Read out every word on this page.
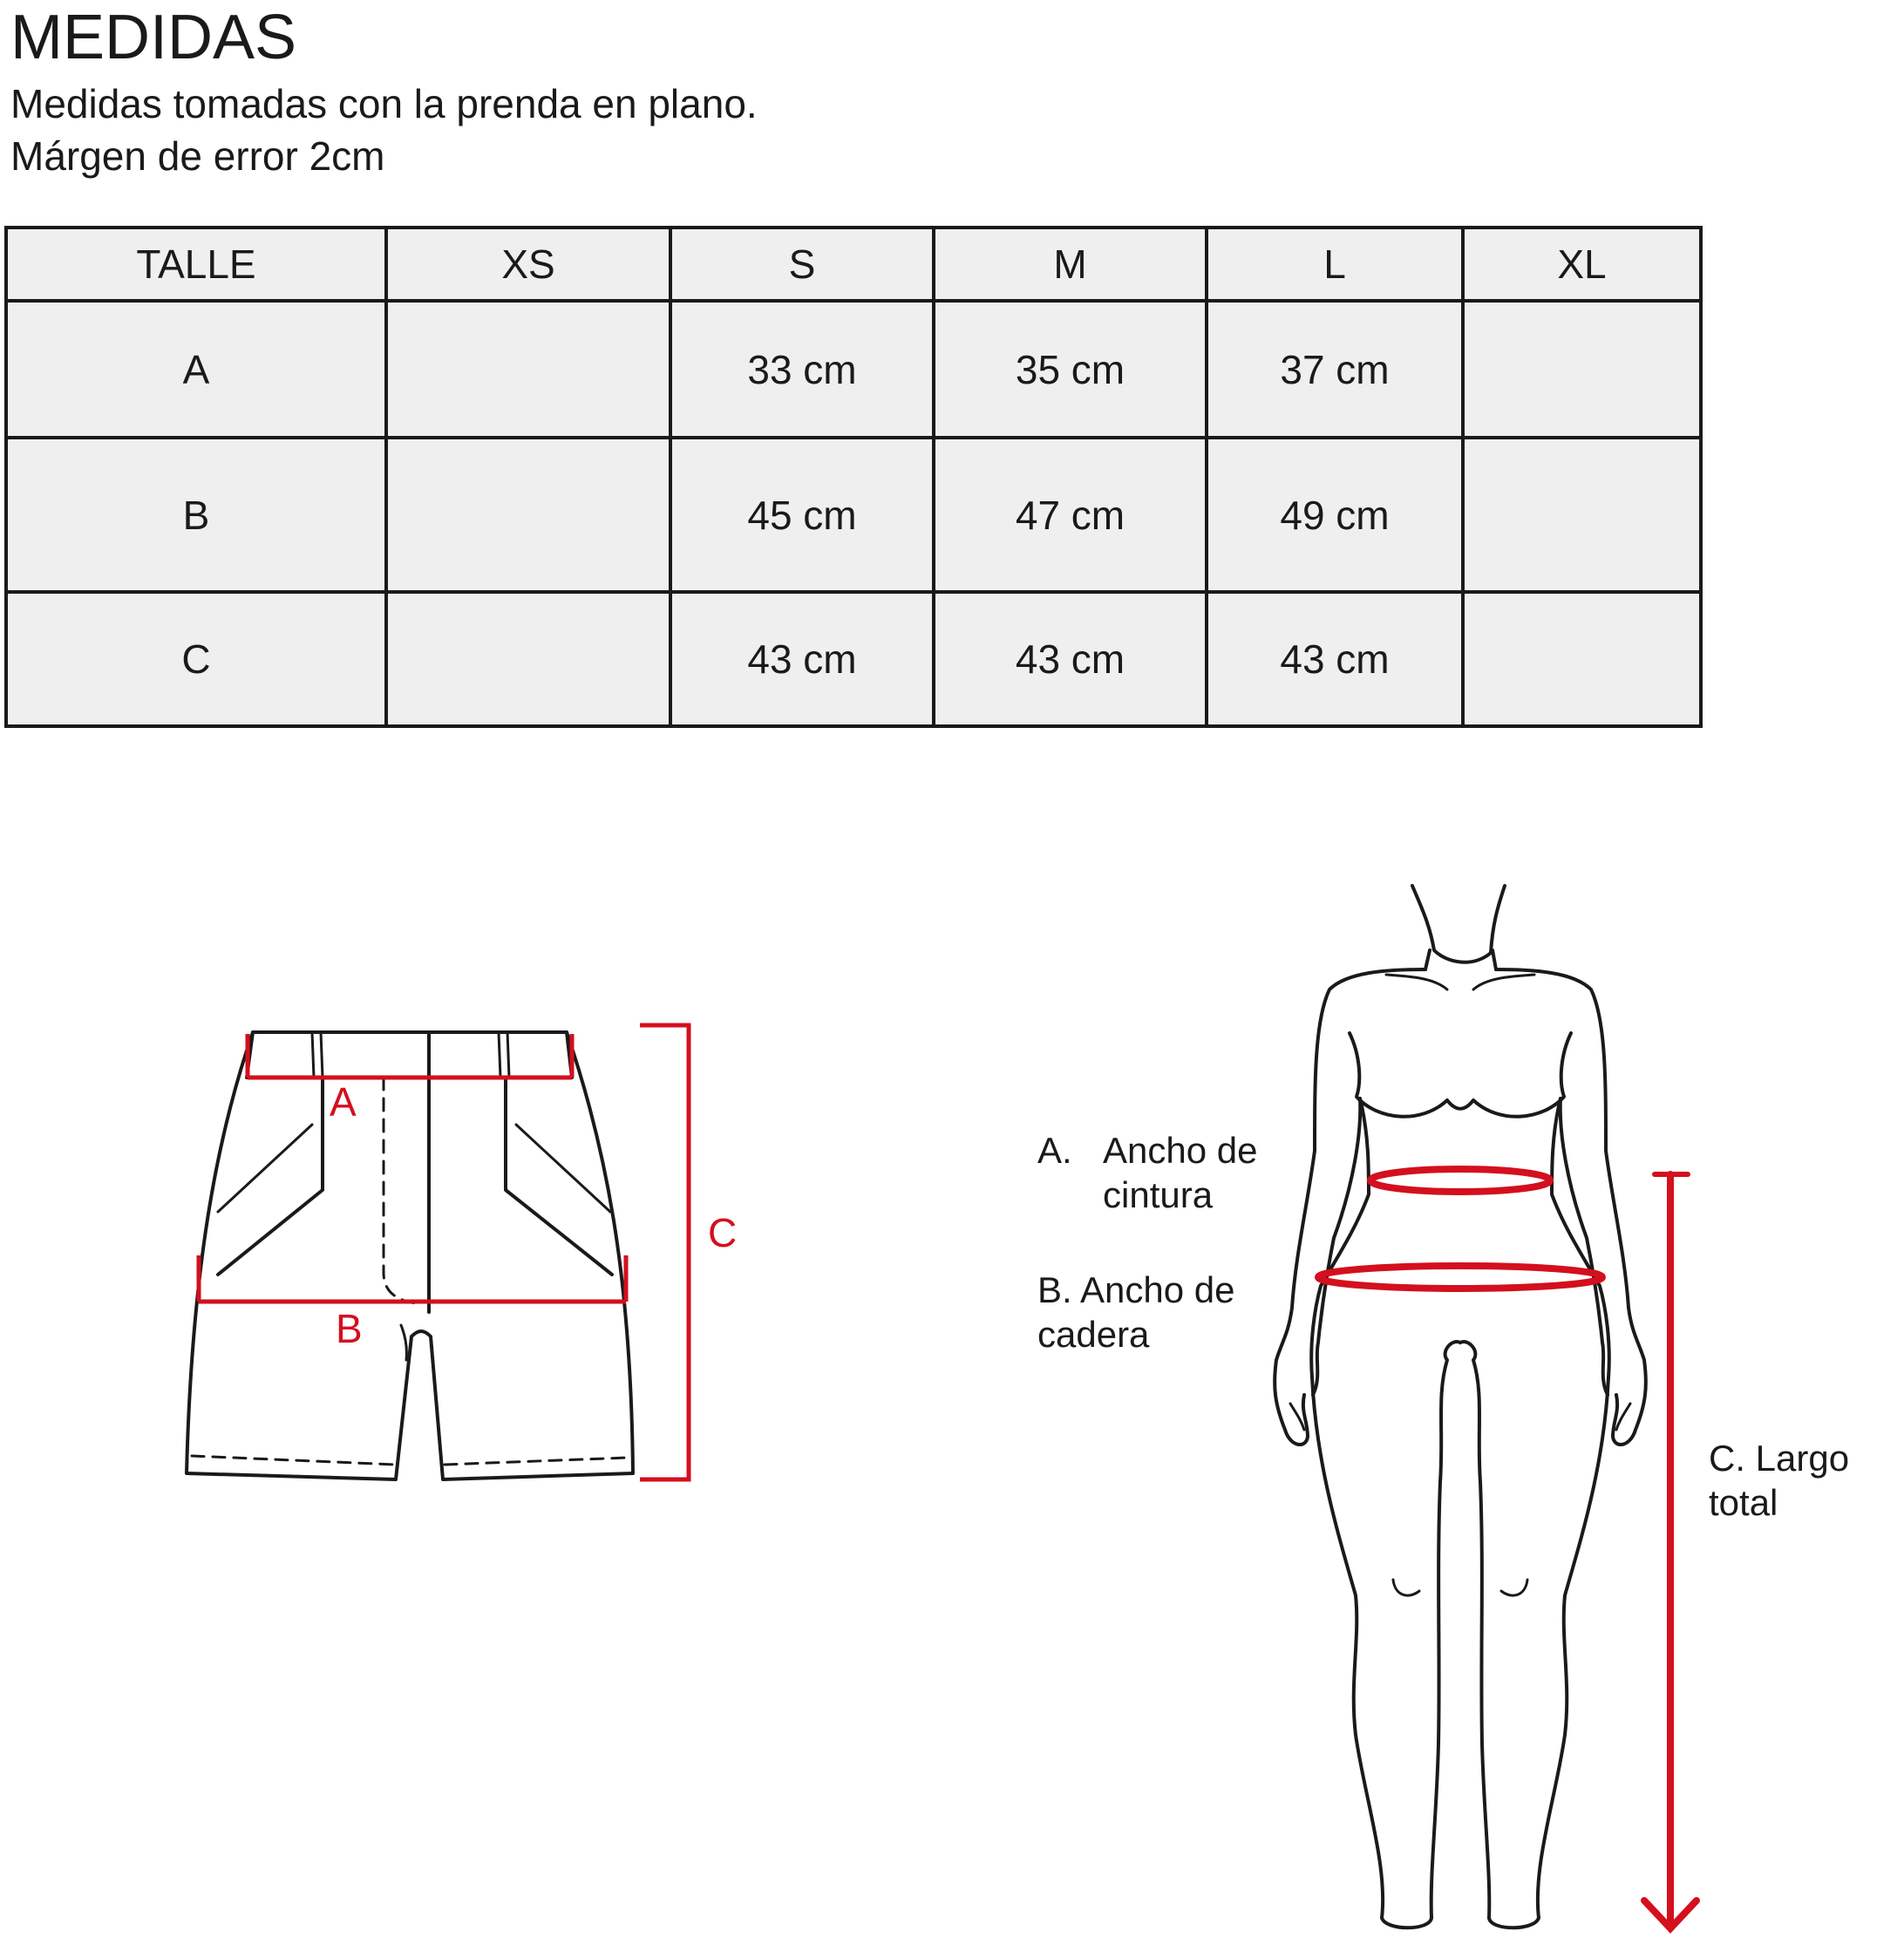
MEDIDAS
Medidas tomadas con la prenda en plano.
Márgen de error 2cm
TALLE	XS	S	M	L	XL
A		33 cm	35 cm	37 cm	
B		45 cm	47 cm	49 cm	
C		43 cm	43 cm	43 cm	
A
B
C
A. Ancho de
cintura
B. Ancho de
cadera
C. Largo
total
